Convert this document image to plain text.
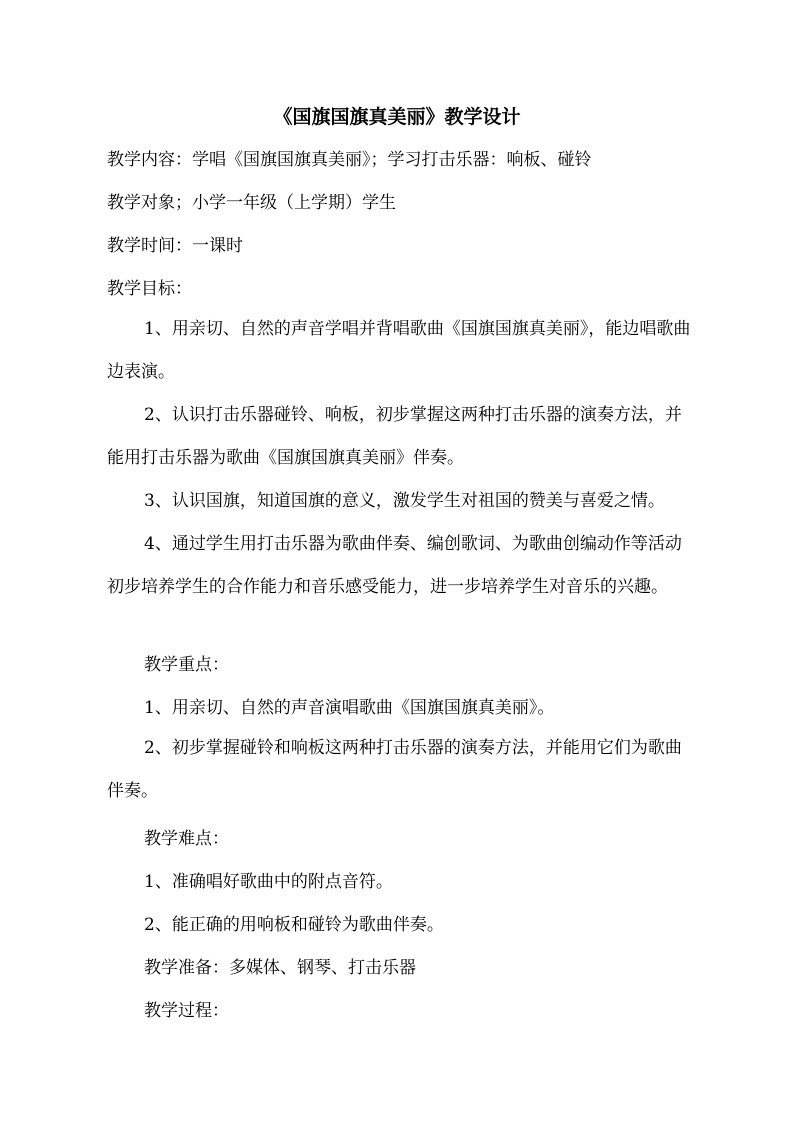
《国旗国旗真美丽》教学设计
教学内容：学唱《国旗国旗真美丽》；学习打击乐器：响板、碰铃
教学对象；小学一年级（上学期）学生
教学时间：一课时
教学目标：
1、用亲切、自然的声音学唱并背唱歌曲《国旗国旗真美丽》，能边唱歌曲边表演。
2、认识打击乐器碰铃、响板，初步掌握这两种打击乐器的演奏方法，并能用打击乐器为歌曲《国旗国旗真美丽》伴奏。
3、认识国旗，知道国旗的意义，激发学生对祖国的赞美与喜爱之情。
4、通过学生用打击乐器为歌曲伴奏、编创歌词、为歌曲创编动作等活动初步培养学生的合作能力和音乐感受能力，进一步培养学生对音乐的兴趣。
教学重点：
1、用亲切、自然的声音演唱歌曲《国旗国旗真美丽》。
2、初步掌握碰铃和响板这两种打击乐器的演奏方法，并能用它们为歌曲伴奏。
教学难点：
1、准确唱好歌曲中的附点音符。
2、能正确的用响板和碰铃为歌曲伴奏。
教学准备：多媒体、钢琴、打击乐器
教学过程：
